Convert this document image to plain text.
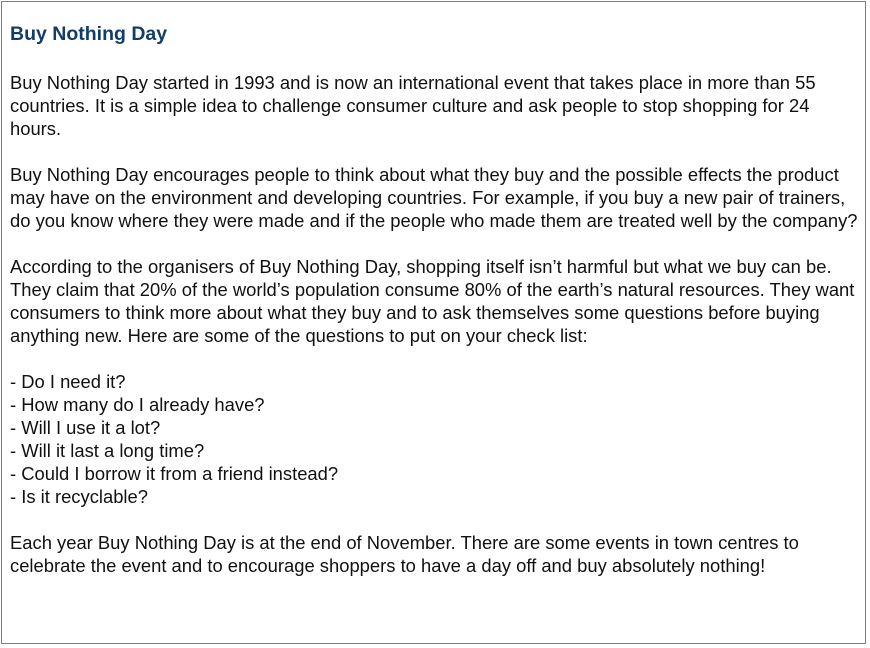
Buy Nothing Day

Buy Nothing Day started in 1993 and is now an international event that takes place in more than 55 countries. It is a simple idea to challenge consumer culture and ask people to stop shopping for 24 hours.

Buy Nothing Day encourages people to think about what they buy and the possible effects the product may have on the environment and developing countries. For example, if you buy a new pair of trainers, do you know where they were made and if the people who made them are treated well by the company?

According to the organisers of Buy Nothing Day, shopping itself isn’t harmful but what we buy can be. They claim that 20% of the world’s population consume 80% of the earth’s natural resources. They want consumers to think more about what they buy and to ask themselves some questions before buying anything new. Here are some of the questions to put on your check list:

- Do I need it?
- How many do I already have?
- Will I use it a lot?
- Will it last a long time?
- Could I borrow it from a friend instead?
- Is it recyclable?

Each year Buy Nothing Day is at the end of November. There are some events in town centres to celebrate the event and to encourage shoppers to have a day off and buy absolutely nothing!
